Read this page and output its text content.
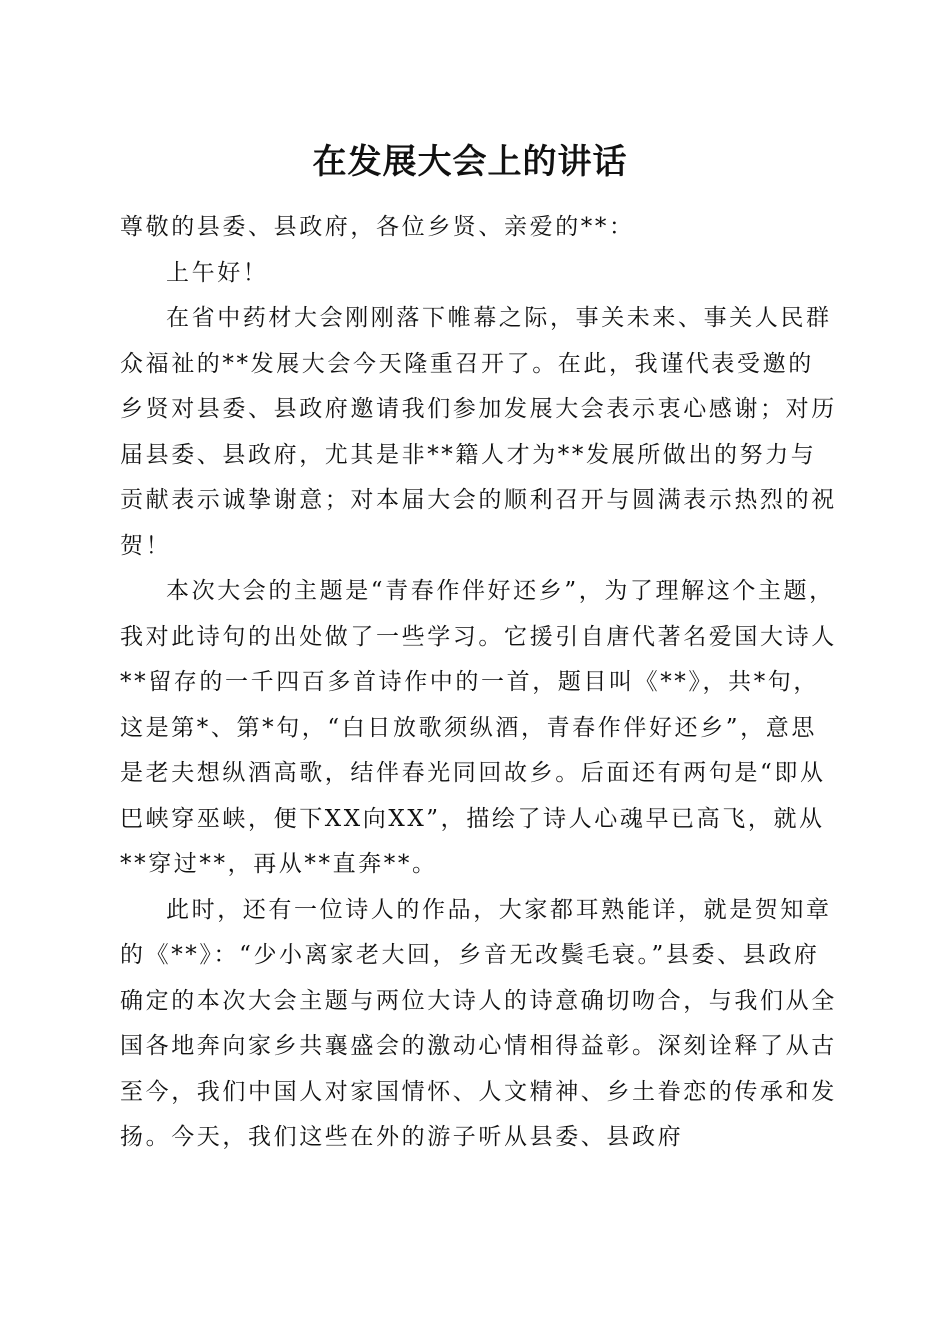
在发展大会上的讲话

尊敬的县委、县政府，各位乡贤、亲爱的**：

上午好！

在省中药材大会刚刚落下帷幕之际，事关未来、事关人民群众福祉的**发展大会今天隆重召开了。在此，我谨代表受邀的乡贤对县委、县政府邀请我们参加发展大会表示衷心感谢；对历届县委、县政府，尤其是非**籍人才为**发展所做出的努力与贡献表示诚挚谢意；对本届大会的顺利召开与圆满表示热烈的祝贺！

本次大会的主题是“青春作伴好还乡”，为了理解这个主题，我对此诗句的出处做了一些学习。它援引自唐代著名爱国大诗人**留存的一千四百多首诗作中的一首，题目叫《**》，共*句，这是第*、第*句，“白日放歌须纵酒，青春作伴好还乡”，意思是老夫想纵酒高歌，结伴春光同回故乡。后面还有两句是“即从巴峡穿巫峡，便下XX向XX”，描绘了诗人心魂早已高飞，就从**穿过**，再从**直奔**。

此时，还有一位诗人的作品，大家都耳熟能详，就是贺知章的《**》：“少小离家老大回，乡音无改鬓毛衰。”县委、县政府确定的本次大会主题与两位大诗人的诗意确切吻合，与我们从全国各地奔向家乡共襄盛会的激动心情相得益彰。深刻诠释了从古至今，我们中国人对家国情怀、人文精神、乡土眷恋的传承和发扬。今天，我们这些在外的游子听从县委、县政府
